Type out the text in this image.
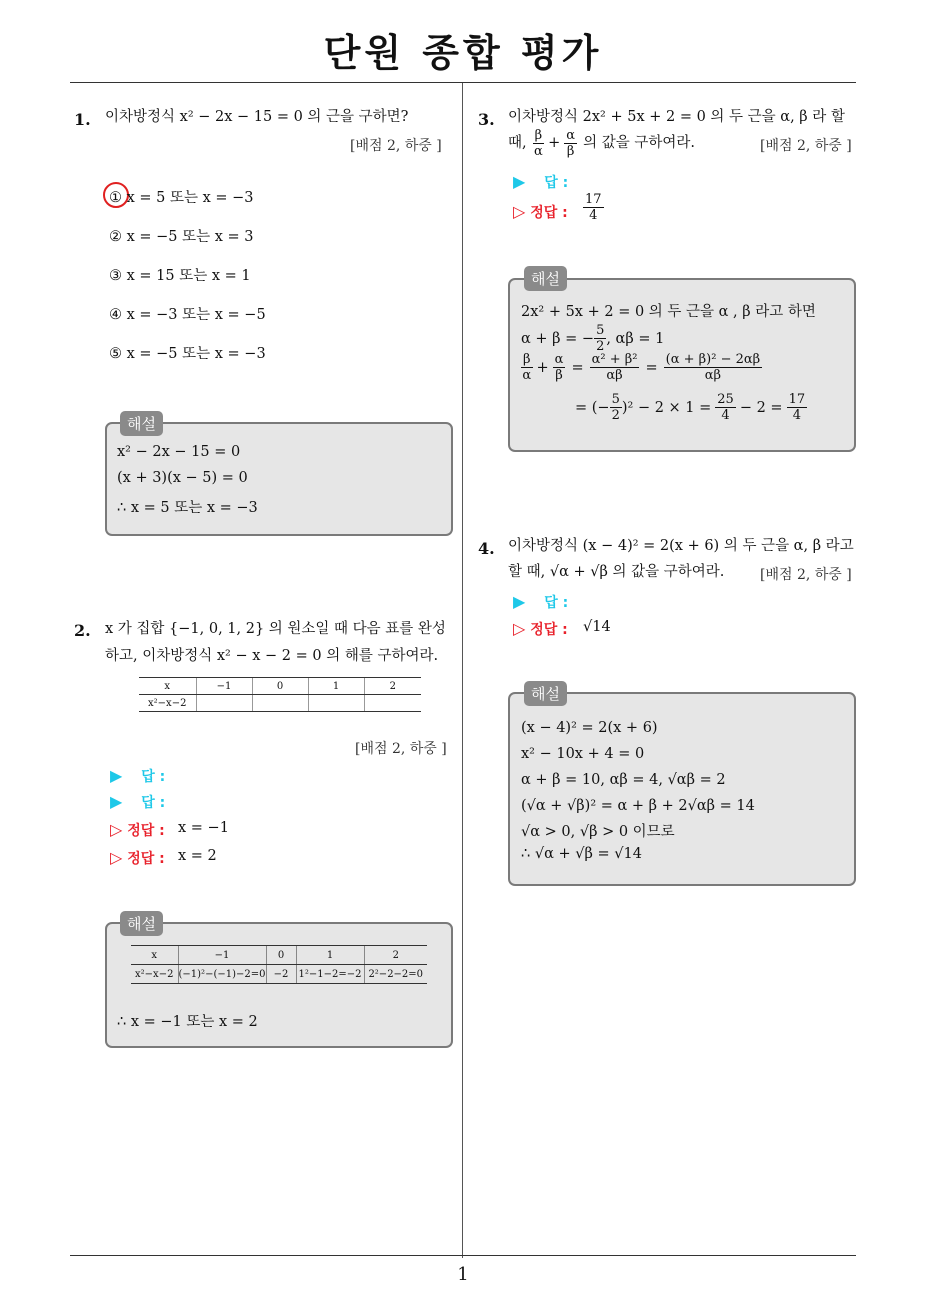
단원 종합 평가
1. 이차방정식 x² − 2x − 15 = 0 의 근을 구하면?
[배점 2, 하중 ]
① x = 5 또는 x = −3
② x = −5 또는 x = 3
③ x = 15 또는 x = 1
④ x = −3 또는 x = −5
⑤ x = −5 또는 x = −3
해설
x² − 2x − 15 = 0
(x + 3)(x − 5) = 0
∴ x = 5 또는 x = −3
2. x 가 집합 {−1, 0, 1, 2} 의 원소일 때 다음 표를 완성
하고, 이차방정식 x² − x − 2 = 0 의 해를 구하여라.
x	−1	0	1	2
x²−x−2				
[배점 2, 하중 ]
▶ 답 :
▶ 답 :
▷ 정답 : x = −1
▷ 정답 : x = 2
해설
x	−1	0	1	2
x²−x−2	(−1)²−(−1)−2=0	−2	1²−1−2=−2	2²−2−2=0
∴ x = −1 또는 x = 2
3. 이차방정식 2x² + 5x + 2 = 0 의 두 근을 α, β 라 할
때, $\frac{\beta}{\alpha} + \frac{\alpha}{\beta}$ 의 값을 구하여라.	[배점 2, 하중 ]
▶ 답 :
▷ 정답 : $\frac{17}{4}$
해설
2x² + 5x + 2 = 0 의 두 근을 α , β 라고 하면
α + β = − $\frac{5}{2}$ , αβ = 1
$\frac{\beta}{\alpha} + \frac{\alpha}{\beta} = \frac{\text{α² + β²}}{\alpha\beta} = \frac{\text{(α + β)² − 2αβ}}{\alpha\beta}$
= (− $\frac{5}{2} )^2 - 2 \times 1 = \frac{25}{4} - 2 = \frac{17}{4}$
4. 이차방정식 (x − 4)² = 2(x + 6) 의 두 근을 α, β 라고
할 때, √α + √β 의 값을 구하여라.	[배점 2, 하중 ]
▶ 답 :
▷ 정답 : √14
해설
(x − 4)² = 2(x + 6)
x² − 10x + 4 = 0
α + β = 10, αβ = 4, √αβ = 2
(√α + √β)² = α + β + 2√αβ = 14
√α > 0, √β > 0 이므로
∴ √α + √β = √14
1
